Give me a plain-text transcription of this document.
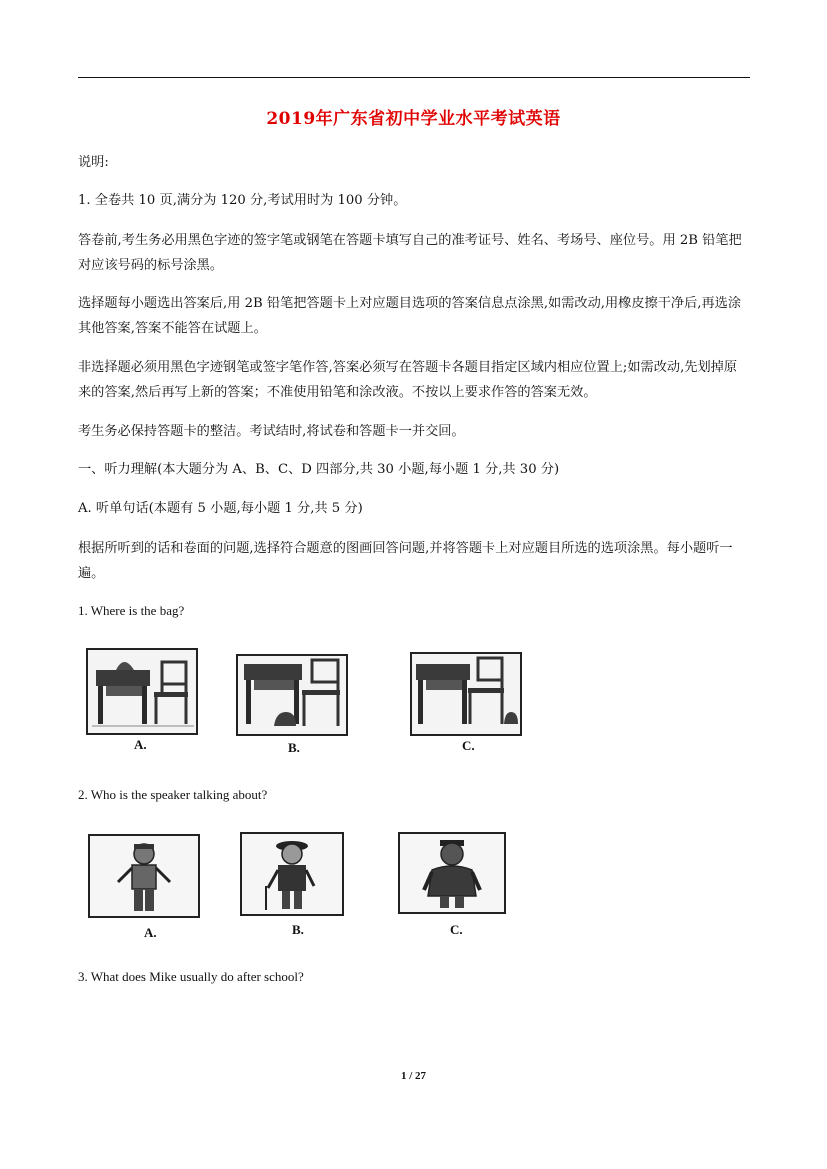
2019年广东省初中学业水平考试英语

说明:

1. 全卷共 10 页,满分为 120 分,考试用时为 100 分钟。

答卷前,考生务必用黑色字迹的签字笔或钢笔在答题卡填写自己的准考证号、姓名、考场号、座位号。用 2B 铅笔把对应该号码的标号涂黑。

选择题每小题选出答案后,用 2B 铅笔把答题卡上对应题目选项的答案信息点涂黑,如需改动,用橡皮擦干净后,再选涂其他答案,答案不能答在试题上。

非选择题必须用黑色字迹钢笔或签字笔作答,答案必须写在答题卡各题目指定区域内相应位置上;如需改动,先划掉原来的答案,然后再写上新的答案；不准使用铅笔和涂改液。不按以上要求作答的答案无效。

考生务必保持答题卡的整洁。考试结时,将试卷和答题卡一并交回。

一、听力理解(本大题分为 A、B、C、D 四部分,共 30 小题,每小题 1 分,共 30 分)

A. 听单句话(本题有 5 小题,每小题 1 分,共 5 分)

根据所听到的话和卷面的问题,选择符合题意的图画回答问题,并将答题卡上对应题目所选的选项涂黑。每小题听一遍。

1. Where is the bag?
A.	B.	C.
2. Who is the speaker talking about?
A.	B.	C.
3. What does Mike usually do after school?
1 / 27
